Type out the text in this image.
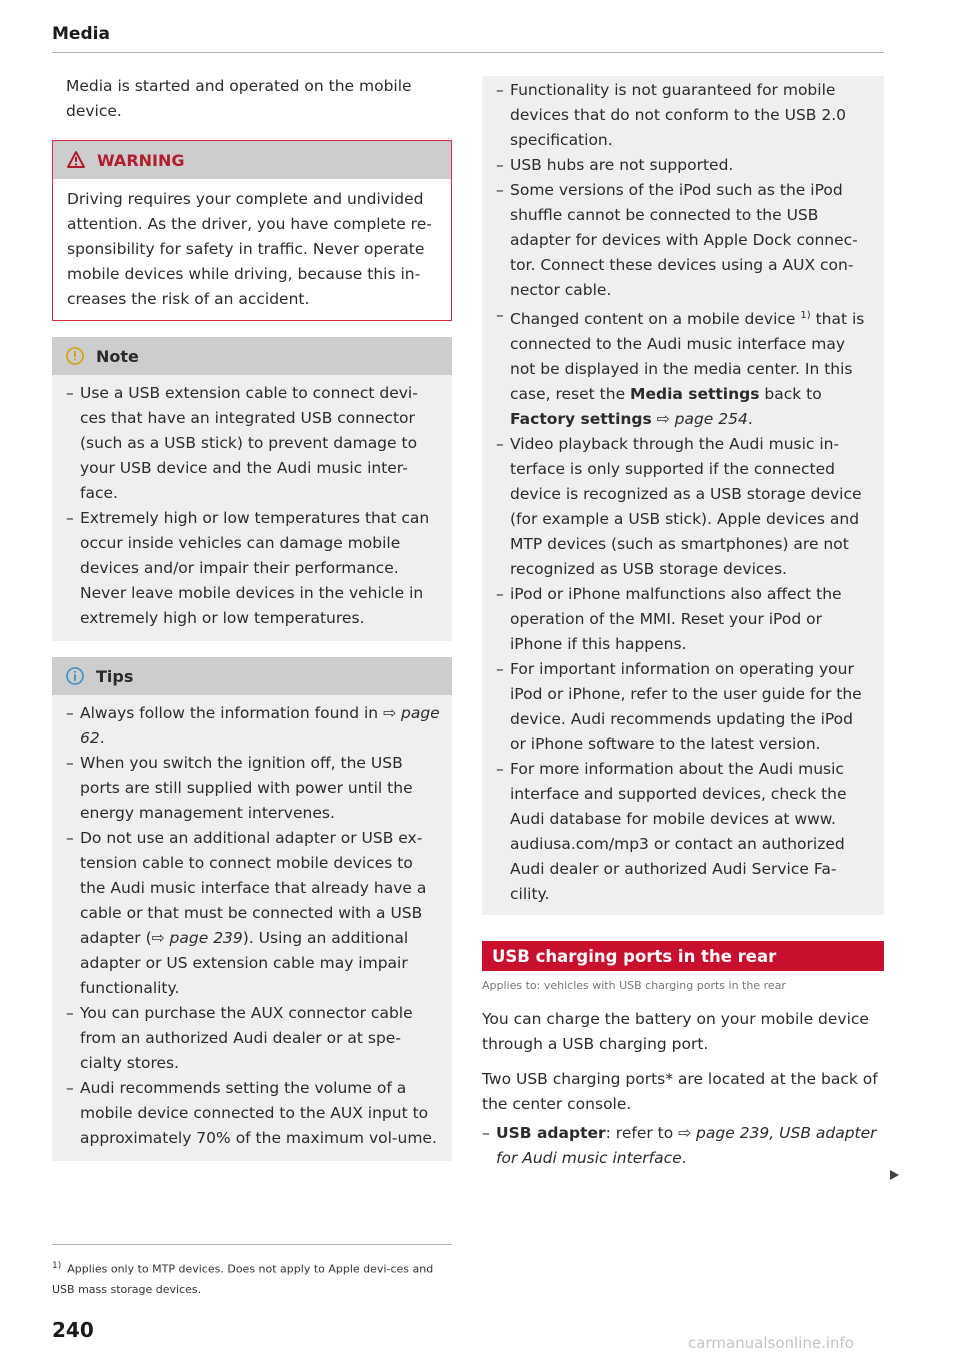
Media

Media is started and operated on the mobile device.

WARNING

Driving requires your complete and undivided attention. As the driver, you have complete re-sponsibility for safety in traffic. Never operate mobile devices while driving, because this in-creases the risk of an accident.

Note
– Use a USB extension cable to connect devi-ces that have an integrated USB connector (such as a USB stick) to prevent damage to your USB device and the Audi music inter-face.
– Extremely high or low temperatures that can occur inside vehicles can damage mobile devices and/or impair their performance. Never leave mobile devices in the vehicle in extremely high or low temperatures.
Tips
– Always follow the information found in ⇨ page 62.
– When you switch the ignition off, the USB ports are still supplied with power until the energy management intervenes.
– Do not use an additional adapter or USB ex-tension cable to connect mobile devices to the Audi music interface that already have a cable or that must be connected with a USB adapter (⇨ page 239). Using an additional adapter or US extension cable may impair functionality.
– You can purchase the AUX connector cable from an authorized Audi dealer or at spe-cialty stores.
– Audi recommends setting the volume of a mobile device connected to the AUX input to approximately 70% of the maximum vol-ume.
– Functionality is not guaranteed for mobile devices that do not conform to the USB 2.0 specification.
– USB hubs are not supported.
– Some versions of the iPod such as the iPod shuffle cannot be connected to the USB adapter for devices with Apple Dock connec-tor. Connect these devices using a AUX con-nector cable.
– Changed content on a mobile device $^{1)}$ that is connected to the Audi music interface may not be displayed in the media center. In this case, reset the Media settings back to Factory settings ⇨ page 254.
– Video playback through the Audi music in-terface is only supported if the connected device is recognized as a USB storage device (for example a USB stick). Apple devices and MTP devices (such as smartphones) are not recognized as USB storage devices.
– iPod or iPhone malfunctions also affect the operation of the MMI. Reset your iPod or iPhone if this happens.
– For important information on operating your iPod or iPhone, refer to the user guide for the device. Audi recommends updating the iPod or iPhone software to the latest version.
– For more information about the Audi music interface and supported devices, check the Audi database for mobile devices at www. audiusa.com/mp3 or contact an authorized Audi dealer or authorized Audi Service Fa-cility.
USB charging ports in the rear
Applies to: vehicles with USB charging ports in the rear

You can charge the battery on your mobile device through a USB charging port.

Two USB charging ports* are located at the back of the center console.

– USB adapter: refer to ⇨ page 239, USB adapter for Audi music interface.
$^{1)}$ Applies only to MTP devices. Does not apply to Apple devi-ces and USB mass storage devices.
240
carmanualsonline.info
